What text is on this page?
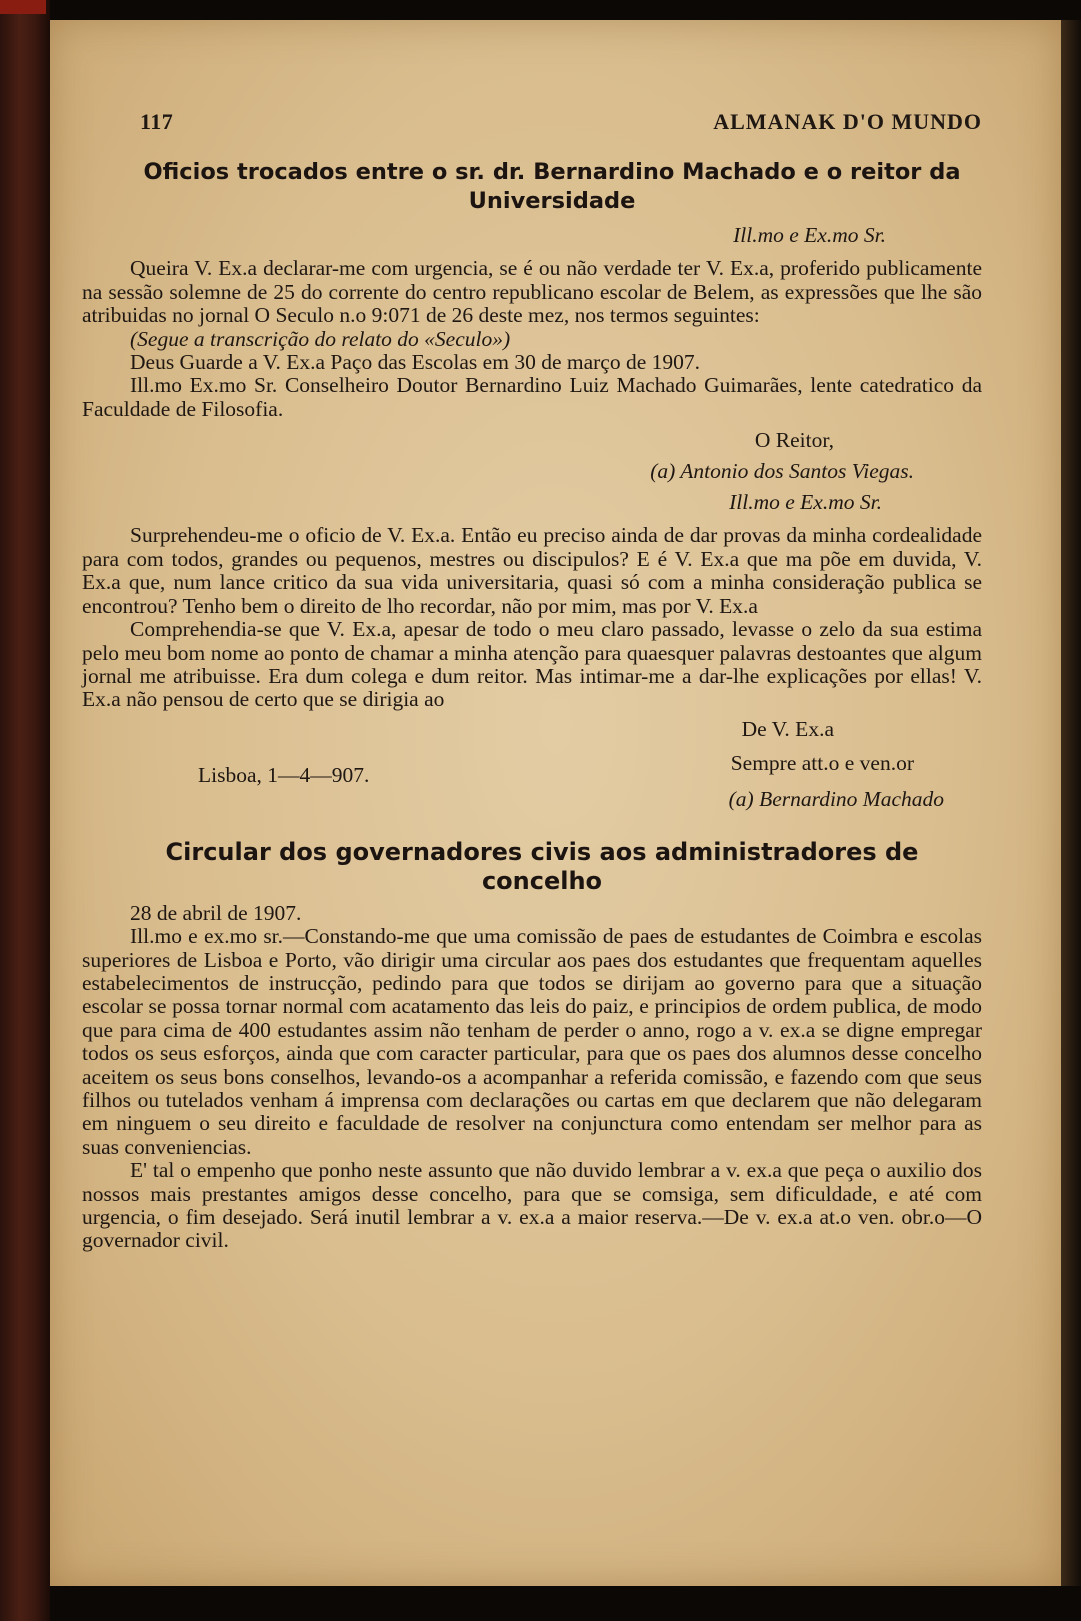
117	ALMANAK D'O MUNDO
Oficios trocados entre o sr. dr. Bernardino Machado e o reitor da Universidade

Ill.mo e Ex.mo Sr.

Queira V. Ex.a declarar-me com urgencia, se é ou não verdade ter V. Ex.a, proferido publicamente na sessão solemne de 25 do corrente do centro republicano escolar de Belem, as expressões que lhe são atribuidas no jornal O Seculo n.o 9:071 de 26 deste mez, nos termos seguintes:

(Segue a transcrição do relato do «Seculo»)

Deus Guarde a V. Ex.a Paço das Escolas em 30 de março de 1907.

Ill.mo Ex.mo Sr. Conselheiro Doutor Bernardino Luiz Machado Guimarães, lente catedratico da Faculdade de Filosofia.

O Reitor,

(a) Antonio dos Santos Viegas.

Ill.mo e Ex.mo Sr.

Surprehendeu-me o oficio de V. Ex.a. Então eu preciso ainda de dar provas da minha cordealidade para com todos, grandes ou pequenos, mestres ou discipulos? E é V. Ex.a que ma põe em duvida, V. Ex.a que, num lance critico da sua vida universitaria, quasi só com a minha consideração publica se encontrou? Tenho bem o direito de lho recordar, não por mim, mas por V. Ex.a

Comprehendia-se que V. Ex.a, apesar de todo o meu claro passado, levasse o zelo da sua estima pelo meu bom nome ao ponto de chamar a minha atenção para quaesquer palavras destoantes que algum jornal me atribuisse. Era dum colega e dum reitor. Mas intimar-me a dar-lhe explicações por ellas! V. Ex.a não pensou de certo que se dirigia ao

De V. Ex.a
Sempre att.o e ven.or
Lisboa, 1—4—907.
(a) Bernardino Machado
Circular dos governadores civis aos administradores de concelho

28 de abril de 1907.

Ill.mo e ex.mo sr.—Constando-me que uma comissão de paes de estudantes de Coimbra e escolas superiores de Lisboa e Porto, vão dirigir uma circular aos paes dos estudantes que frequentam aquelles estabelecimentos de instrucção, pedindo para que todos se dirijam ao governo para que a situação escolar se possa tornar normal com acatamento das leis do paiz, e principios de ordem publica, de modo que para cima de 400 estudantes assim não tenham de perder o anno, rogo a v. ex.a se digne empregar todos os seus esforços, ainda que com caracter particular, para que os paes dos alumnos desse concelho aceitem os seus bons conselhos, levando-os a acompanhar a referida comissão, e fazendo com que seus filhos ou tutelados venham á imprensa com declarações ou cartas em que declarem que não delegaram em ninguem o seu direito e faculdade de resolver na conjunctura como entendam ser melhor para as suas conveniencias.

E' tal o empenho que ponho neste assunto que não duvido lembrar a v. ex.a que peça o auxilio dos nossos mais prestantes amigos desse concelho, para que se comsiga, sem dificuldade, e até com urgencia, o fim desejado. Será inutil lembrar a v. ex.a a maior reserva.—De v. ex.a at.o ven. obr.o—O governador civil.
